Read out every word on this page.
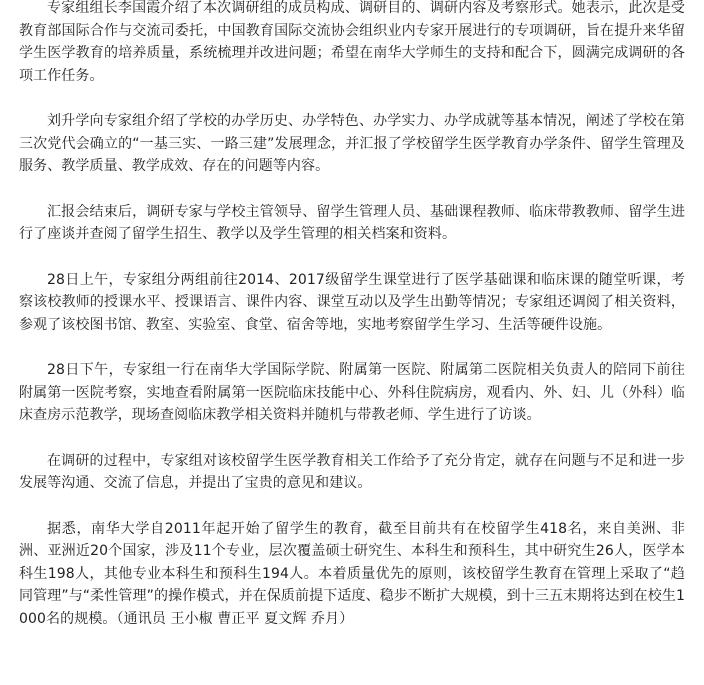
专家组组长李国霞介绍了本次调研组的成员构成、调研目的、调研内容及考察形式。她表示，此次是受教育部国际合作与交流司委托，中国教育国际交流协会组织业内专家开展进行的专项调研，旨在提升来华留学生医学教育的培养质量，系统梳理并改进问题；希望在南华大学师生的支持和配合下，圆满完成调研的各项工作任务。

刘升学向专家组介绍了学校的办学历史、办学特色、办学实力、办学成就等基本情况，阐述了学校在第三次党代会确立的“一基三实、一路三建”发展理念，并汇报了学校留学生医学教育办学条件、留学生管理及服务、教学质量、教学成效、存在的问题等内容。

汇报会结束后，调研专家与学校主管领导、留学生管理人员、基础课程教师、临床带教教师、留学生进行了座谈并查阅了留学生招生、教学以及学生管理的相关档案和资料。

28日上午，专家组分两组前往2014、2017级留学生课堂进行了医学基础课和临床课的随堂听课，考察该校教师的授课水平、授课语言、课件内容、课堂互动以及学生出勤等情况；专家组还调阅了相关资料，参观了该校图书馆、教室、实验室、食堂、宿舍等地，实地考察留学生学习、生活等硬件设施。

28日下午，专家组一行在南华大学国际学院、附属第一医院、附属第二医院相关负责人的陪同下前往附属第一医院考察，实地查看附属第一医院临床技能中心、外科住院病房，观看内、外、妇、儿（外科）临床查房示范教学，现场查阅临床教学相关资料并随机与带教老师、学生进行了访谈。

在调研的过程中，专家组对该校留学生医学教育相关工作给予了充分肯定，就存在问题与不足和进一步发展等沟通、交流了信息，并提出了宝贵的意见和建议。

据悉，南华大学自2011年起开始了留学生的教育，截至目前共有在校留学生418名，来自美洲、非洲、亚洲近20个国家，涉及11个专业，层次覆盖硕士研究生、本科生和预科生，其中研究生26人，医学本科生198人，其他专业本科生和预科生194人。本着质量优先的原则，该校留学生教育在管理上采取了“趋同管理”与“柔性管理”的操作模式，并在保质前提下适度、稳步不断扩大规模，到十三五末期将达到在校生1000名的规模。（通讯员 王小椒 曹正平 夏文辉 乔月）
